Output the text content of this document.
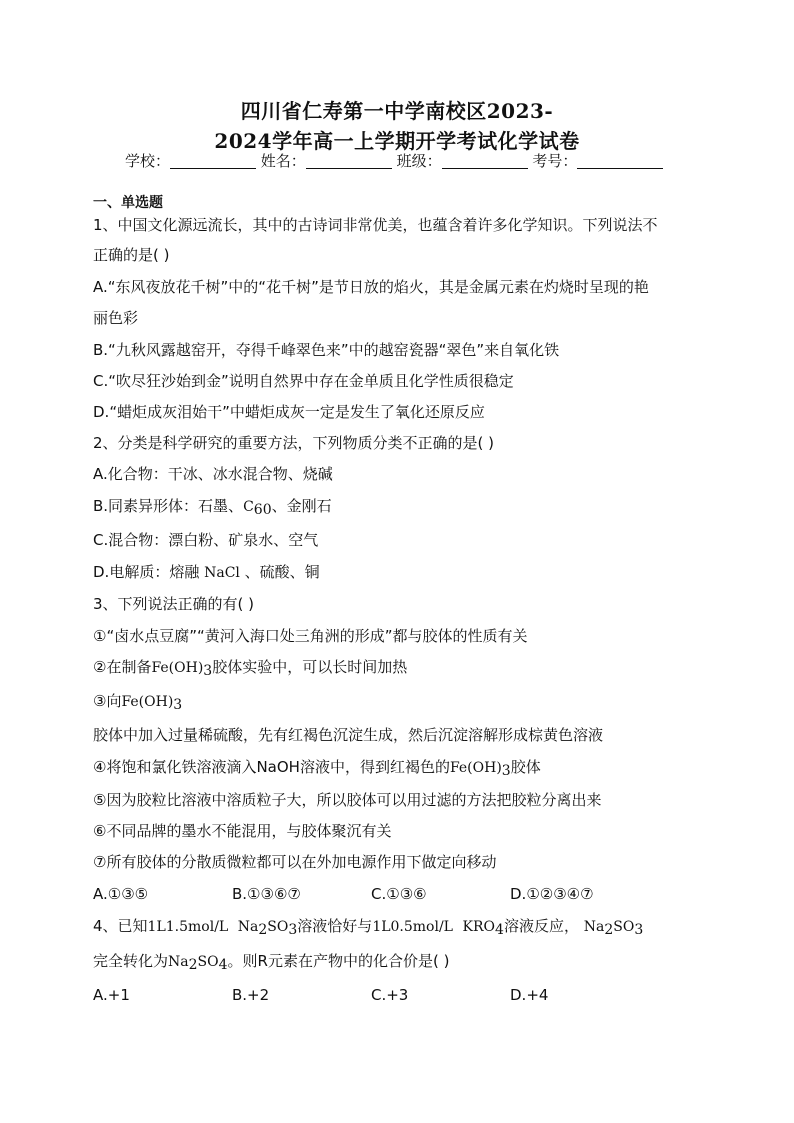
四川省仁寿第一中学南校区2023-
2024学年高一上学期开学考试化学试卷
学校：	姓名：	班级：	考号：
一、单选题
1、中国文化源远流长，其中的古诗词非常优美，也蕴含着许多化学知识。下列说法不
正确的是( )
A.“东风夜放花千树”中的“花千树”是节日放的焰火，其是金属元素在灼烧时呈现的艳
丽色彩
B.“九秋风露越窑开，夺得千峰翠色来”中的越窑瓷器“翠色”来自氧化铁
C.“吹尽狂沙始到金”说明自然界中存在金单质且化学性质很稳定
D.“蜡炬成灰泪始干”中蜡炬成灰一定是发生了氧化还原反应
2、分类是科学研究的重要方法，下列物质分类不正确的是( )
A.化合物：干冰、冰水混合物、烧碱
B.同素异形体：石墨、$C_{60}$、金刚石
C.混合物：漂白粉、矿泉水、空气
D.电解质：熔融 NaCl 、硫酸、铜
3、下列说法正确的有( )
①“卤水点豆腐”“黄河入海口处三角洲的形成”都与胶体的性质有关
②在制备$Fe(OH)_3$胶体实验中，可以长时间加热
③向$Fe(OH)_3$
胶体中加入过量稀硫酸，先有红褐色沉淀生成，然后沉淀溶解形成棕黄色溶液
④将饱和氯化铁溶液滴入NaOH溶液中，得到红褐色的$Fe(OH)_3$胶体
⑤因为胶粒比溶液中溶质粒子大，所以胶体可以用过滤的方法把胶粒分离出来
⑥不同品牌的墨水不能混用，与胶体聚沉有关
⑦所有胶体的分散质微粒都可以在外加电源作用下做定向移动
A.①③⑤	B.①③⑥⑦	C.①③⑥	D.①②③④⑦
4、已知1L1.5mol/L $Na_2SO_3$溶液恰好与1L0.5mol/L $KRO_4$溶液反应， $Na_2SO_3$
完全转化为$Na_2SO_4$。则R元素在产物中的化合价是( )
A.+1	B.+2	C.+3	D.+4
